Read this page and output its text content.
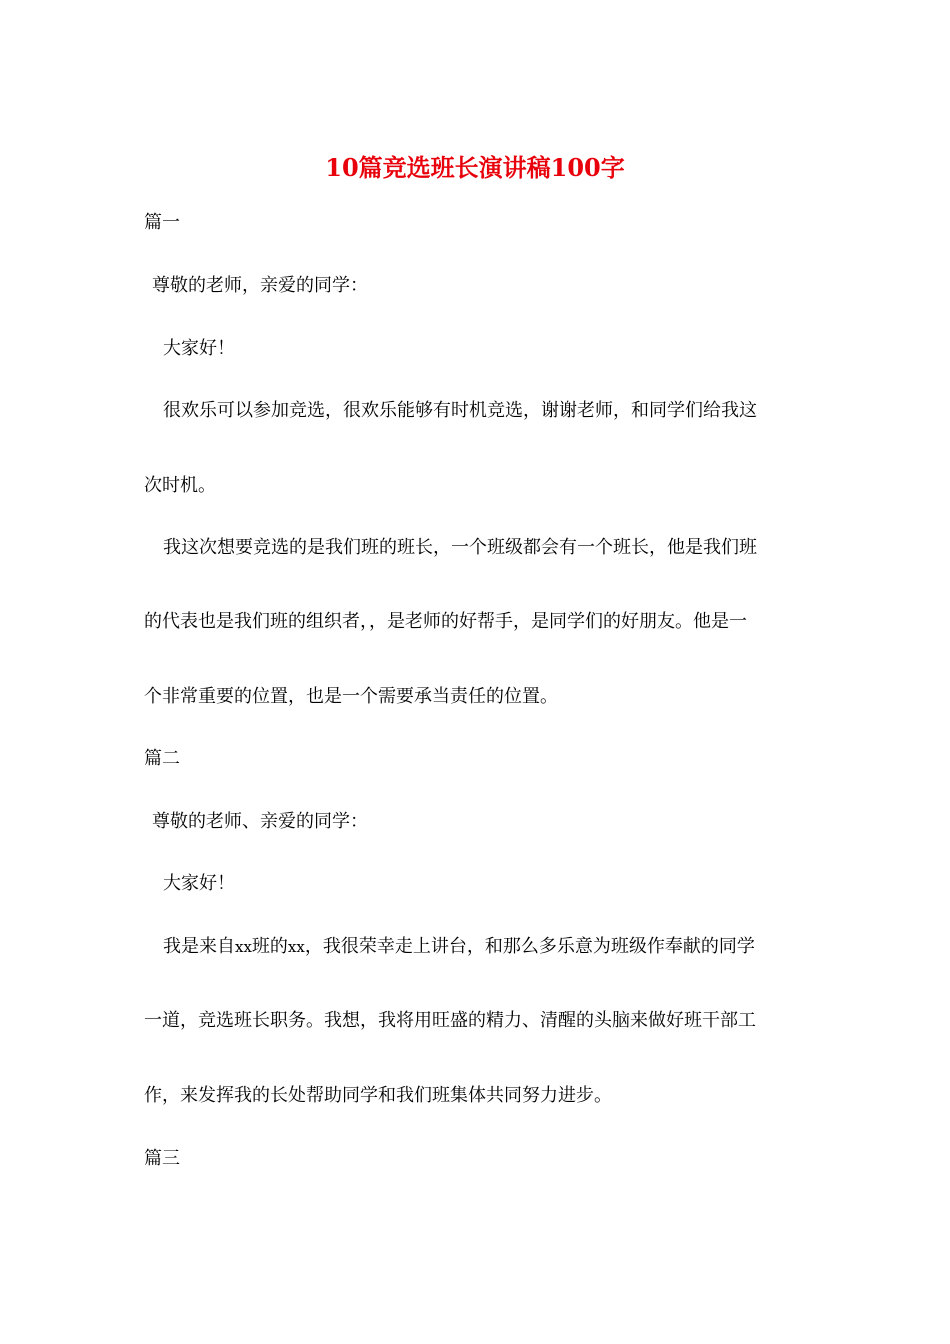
10篇竞选班长演讲稿100字
篇一
尊敬的老师，亲爱的同学：
大家好！
很欢乐可以参加竞选，很欢乐能够有时机竞选，谢谢老师，和同学们给我这
次时机。
我这次想要竞选的是我们班的班长，一个班级都会有一个班长，他是我们班
的代表也是我们班的组织者，，是老师的好帮手，是同学们的好朋友。他是一
个非常重要的位置，也是一个需要承当责任的位置。
篇二
尊敬的老师、亲爱的同学：
大家好！
我是来自xx班的xx，我很荣幸走上讲台，和那么多乐意为班级作奉献的同学
一道，竞选班长职务。我想，我将用旺盛的精力、清醒的头脑来做好班干部工
作，来发挥我的长处帮助同学和我们班集体共同努力进步。
篇三
